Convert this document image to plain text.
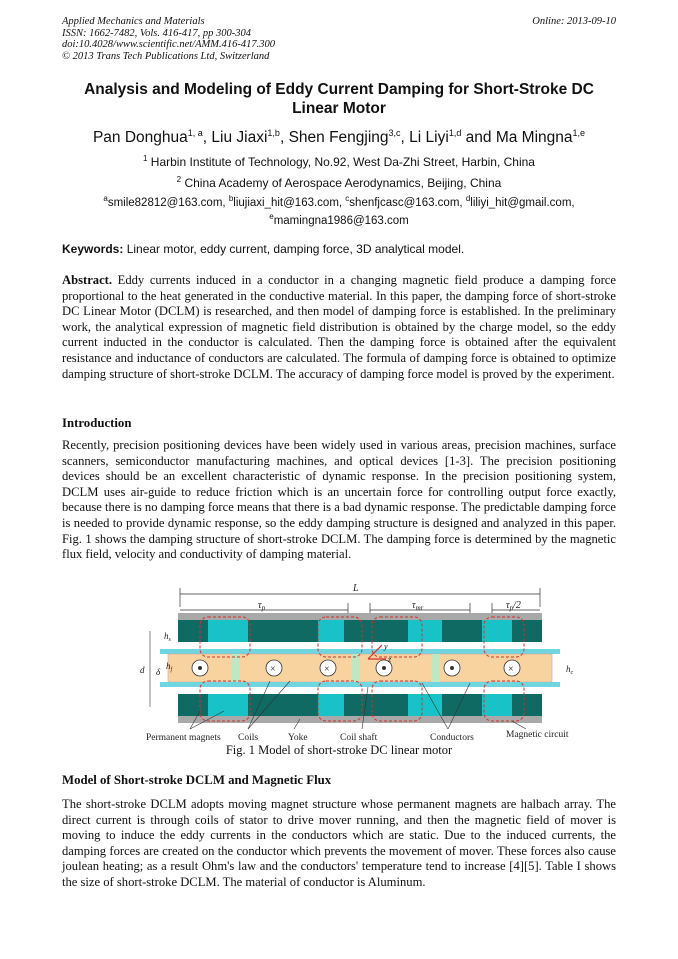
Applied Mechanics and Materials
ISSN: 1662-7482, Vols. 416-417, pp 300-304
doi:10.4028/www.scientific.net/AMM.416-417.300
© 2013 Trans Tech Publications Ltd, Switzerland
Online: 2013-09-10
Analysis and Modeling of Eddy Current Damping for Short-Stroke DC Linear Motor
Pan Donghua$^{1, a}$, Liu Jiaxi$^{1,b}$, Shen Fengjing$^{3,c}$, Li Liyi$^{1,d}$ and Ma Mingna$^{1,e}$
$^1$ Harbin Institute of Technology, No.92, West Da-Zhi Street, Harbin, China
$^2$ China Academy of Aerospace Aerodynamics, Beijing, China
$^a$smile82812@163.com, $^b$liujiaxi_hit@163.com, $^c$shenfjcasc@163.com, $^d$liliyi_hit@gmail.com,
$^e$mamingna1986@163.com
Keywords: Linear motor, eddy current, damping force, 3D analytical model.
Abstract. Eddy currents induced in a conductor in a changing magnetic field produce a damping force proportional to the heat generated in the conductive material. In this paper, the damping force of short-stroke DC Linear Motor (DCLM) is researched, and then model of damping force is established. In the preliminary work, the analytical expression of magnetic field distribution is obtained by the charge model, so the eddy current inducted in the conductor is calculated. Then the damping force is obtained after the equivalent resistance and inductance of conductors are calculated. The formula of damping force is obtained to optimize damping structure of short-stroke DCLM. The accuracy of damping force model is proved by the experiment.
Introduction
Recently, precision positioning devices have been widely used in various areas, precision machines, surface scanners, semiconductor manufacturing machines, and optical devices [1-3]. The precision positioning devices should be an excellent characteristic of dynamic response. In the precision positioning system, DCLM uses air-guide to reduce friction which is an uncertain force for controlling output force exactly, because there is no damping force means that there is a bad dynamic response. The predictable damping force is needed to provide dynamic response, so the eddy damping structure is designed and analyzed in this paper. Fig. 1 shows the damping structure of short-stroke DCLM. The damping force is determined by the magnetic flux field, velocity and conductivity of damping material.
L
$\tau_p$	$\tau_{mr}$	$\tau_p/2$
×	×	×
y
z
d δ
$h_s$
$h_f$	$h_c$
Permanent magnets Coils	Yoke	Coil shaft	Conductors	Magnetic circuit
Fig. 1 Model of short-stroke DC linear motor
Model of Short-stroke DCLM and Magnetic Flux
The short-stroke DCLM adopts moving magnet structure whose permanent magnets are halbach array. The direct current is through coils of stator to drive mover running, and then the magnetic field of mover is moving to induce the eddy currents in the conductors which are static. Due to the induced currents, the damping forces are created on the conductor which prevents the movement of mover. These forces also cause joulean heating; as a result Ohm's law and the conductors' temperature tend to increase [4][5]. Table I shows the size of short-stroke DCLM. The material of conductor is Aluminum.
